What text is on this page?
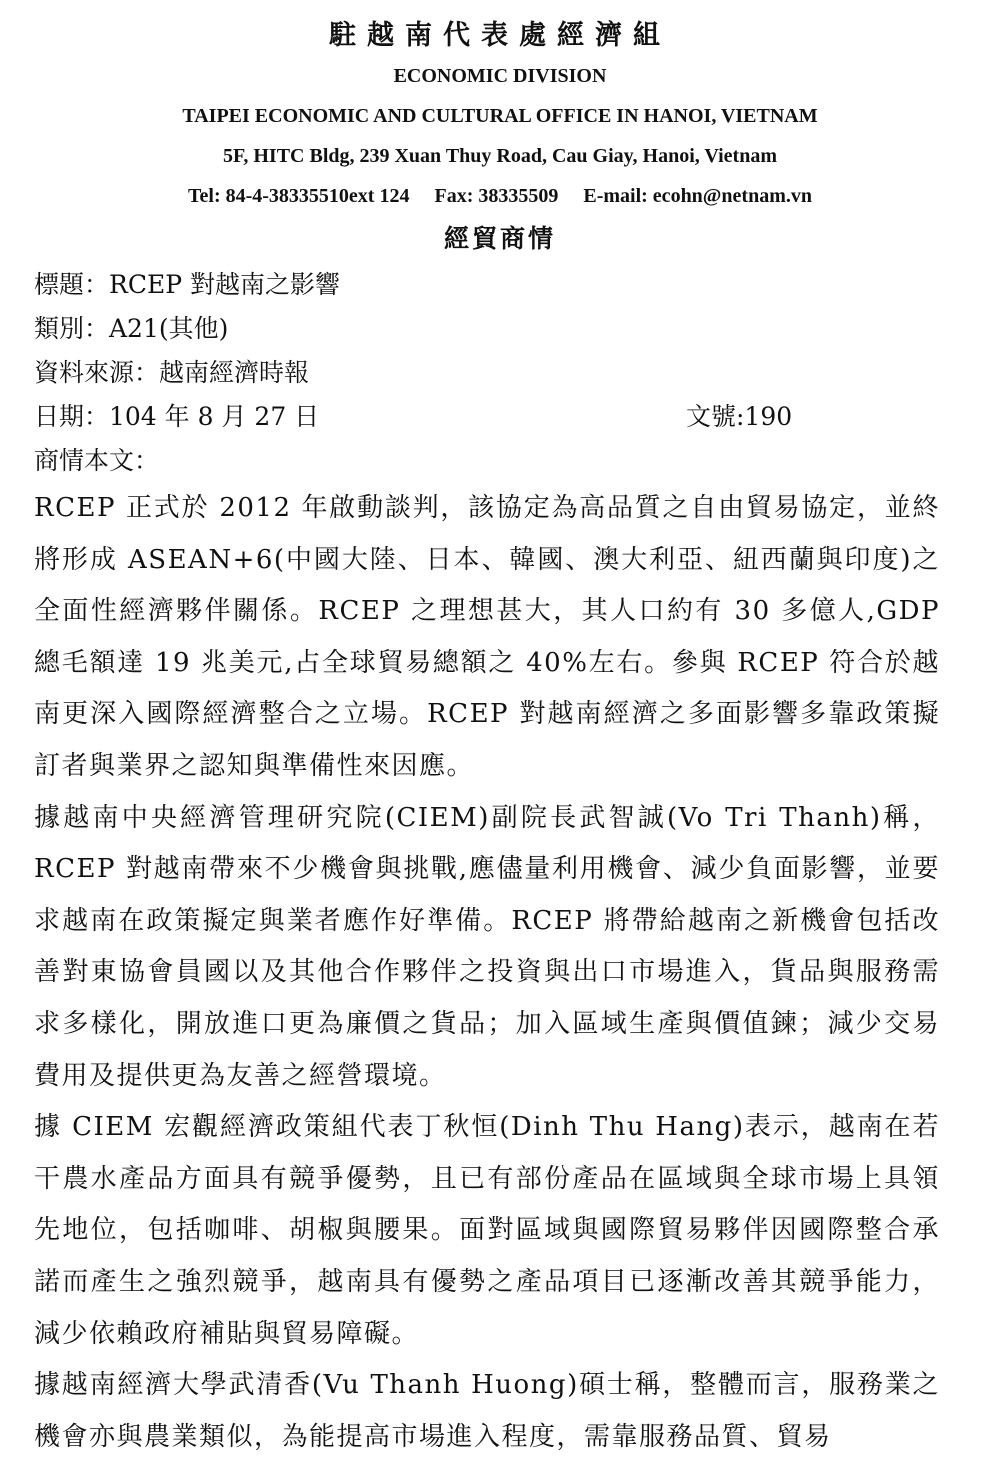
駐越南代表處經濟組
ECONOMIC DIVISION
TAIPEI ECONOMIC AND CULTURAL OFFICE IN HANOI, VIETNAM
5F, HITC Bldg, 239 Xuan Thuy Road, Cau Giay, Hanoi, Vietnam
Tel: 84-4-38335510ext 124 Fax: 38335509 E-mail: ecohn@netnam.vn
經貿商情
標題：RCEP 對越南之影響
類別：A21(其他)
資料來源：越南經濟時報
日期：104 年 8 月 27 日	文號:190
商情本文：

RCEP 正式於 2012 年啟動談判，該協定為高品質之自由貿易協定，並終將形成 ASEAN+6(中國大陸、日本、韓國、澳大利亞、紐西蘭與印度)之全面性經濟夥伴關係。RCEP 之理想甚大，其人口約有 30 多億人,GDP 總毛額達 19 兆美元,占全球貿易總額之 40%左右。參與 RCEP 符合於越南更深入國際經濟整合之立場。RCEP 對越南經濟之多面影響多靠政策擬訂者與業界之認知與準備性來因應。

據越南中央經濟管理研究院(CIEM)副院長武智誠(Vo Tri Thanh)稱，RCEP 對越南帶來不少機會與挑戰,應儘量利用機會、減少負面影響，並要求越南在政策擬定與業者應作好準備。RCEP 將帶給越南之新機會包括改善對東協會員國以及其他合作夥伴之投資與出口市場進入，貨品與服務需求多樣化，開放進口更為廉價之貨品；加入區域生產與價值鍊；減少交易費用及提供更為友善之經營環境。

據 CIEM 宏觀經濟政策組代表丁秋恒(Dinh Thu Hang)表示，越南在若干農水產品方面具有競爭優勢，且已有部份產品在區域與全球市場上具領先地位，包括咖啡、胡椒與腰果。面對區域與國際貿易夥伴因國際整合承諾而產生之強烈競爭，越南具有優勢之產品項目已逐漸改善其競爭能力，減少依賴政府補貼與貿易障礙。

據越南經濟大學武清香(Vu Thanh Huong)碩士稱，整體而言，服務業之機會亦與農業類似，為能提高市場進入程度，需靠服務品質、貿易
